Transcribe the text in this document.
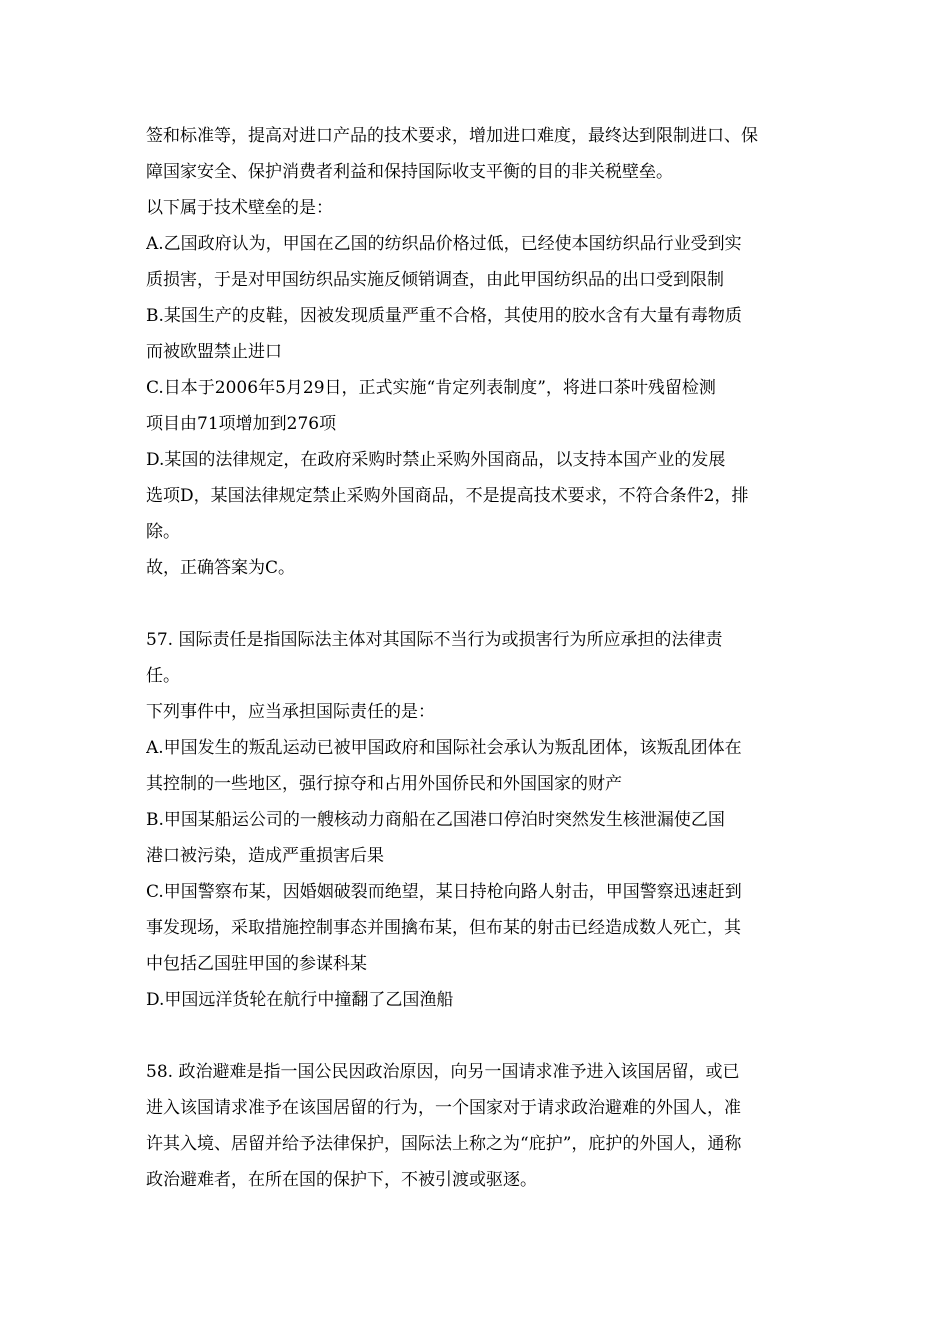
签和标准等，提高对进口产品的技术要求，增加进口难度，最终达到限制进口、保
障国家安全、保护消费者利益和保持国际收支平衡的目的非关税壁垒。
以下属于技术壁垒的是：
A.乙国政府认为，甲国在乙国的纺织品价格过低，已经使本国纺织品行业受到实
质损害，于是对甲国纺织品实施反倾销调查，由此甲国纺织品的出口受到限制
B.某国生产的皮鞋，因被发现质量严重不合格，其使用的胶水含有大量有毒物质
而被欧盟禁止进口
C.日本于2006年5月29日，正式实施“肯定列表制度”，将进口茶叶残留检测
项目由71项增加到276项
D.某国的法律规定，在政府采购时禁止采购外国商品，以支持本国产业的发展
选项D，某国法律规定禁止采购外国商品，不是提高技术要求，不符合条件2，排
除。
故，正确答案为C。
57. 国际责任是指国际法主体对其国际不当行为或损害行为所应承担的法律责
任。
下列事件中，应当承担国际责任的是：
A.甲国发生的叛乱运动已被甲国政府和国际社会承认为叛乱团体，该叛乱团体在
其控制的一些地区，强行掠夺和占用外国侨民和外国国家的财产
B.甲国某船运公司的一艘核动力商船在乙国港口停泊时突然发生核泄漏使乙国
港口被污染，造成严重损害后果
C.甲国警察布某，因婚姻破裂而绝望，某日持枪向路人射击，甲国警察迅速赶到
事发现场，采取措施控制事态并围擒布某，但布某的射击已经造成数人死亡，其
中包括乙国驻甲国的参谋科某
D.甲国远洋货轮在航行中撞翻了乙国渔船
58. 政治避难是指一国公民因政治原因，向另一国请求准予进入该国居留，或已
进入该国请求准予在该国居留的行为，一个国家对于请求政治避难的外国人，准
许其入境、居留并给予法律保护，国际法上称之为“庇护”，庇护的外国人，通称
政治避难者，在所在国的保护下，不被引渡或驱逐。
